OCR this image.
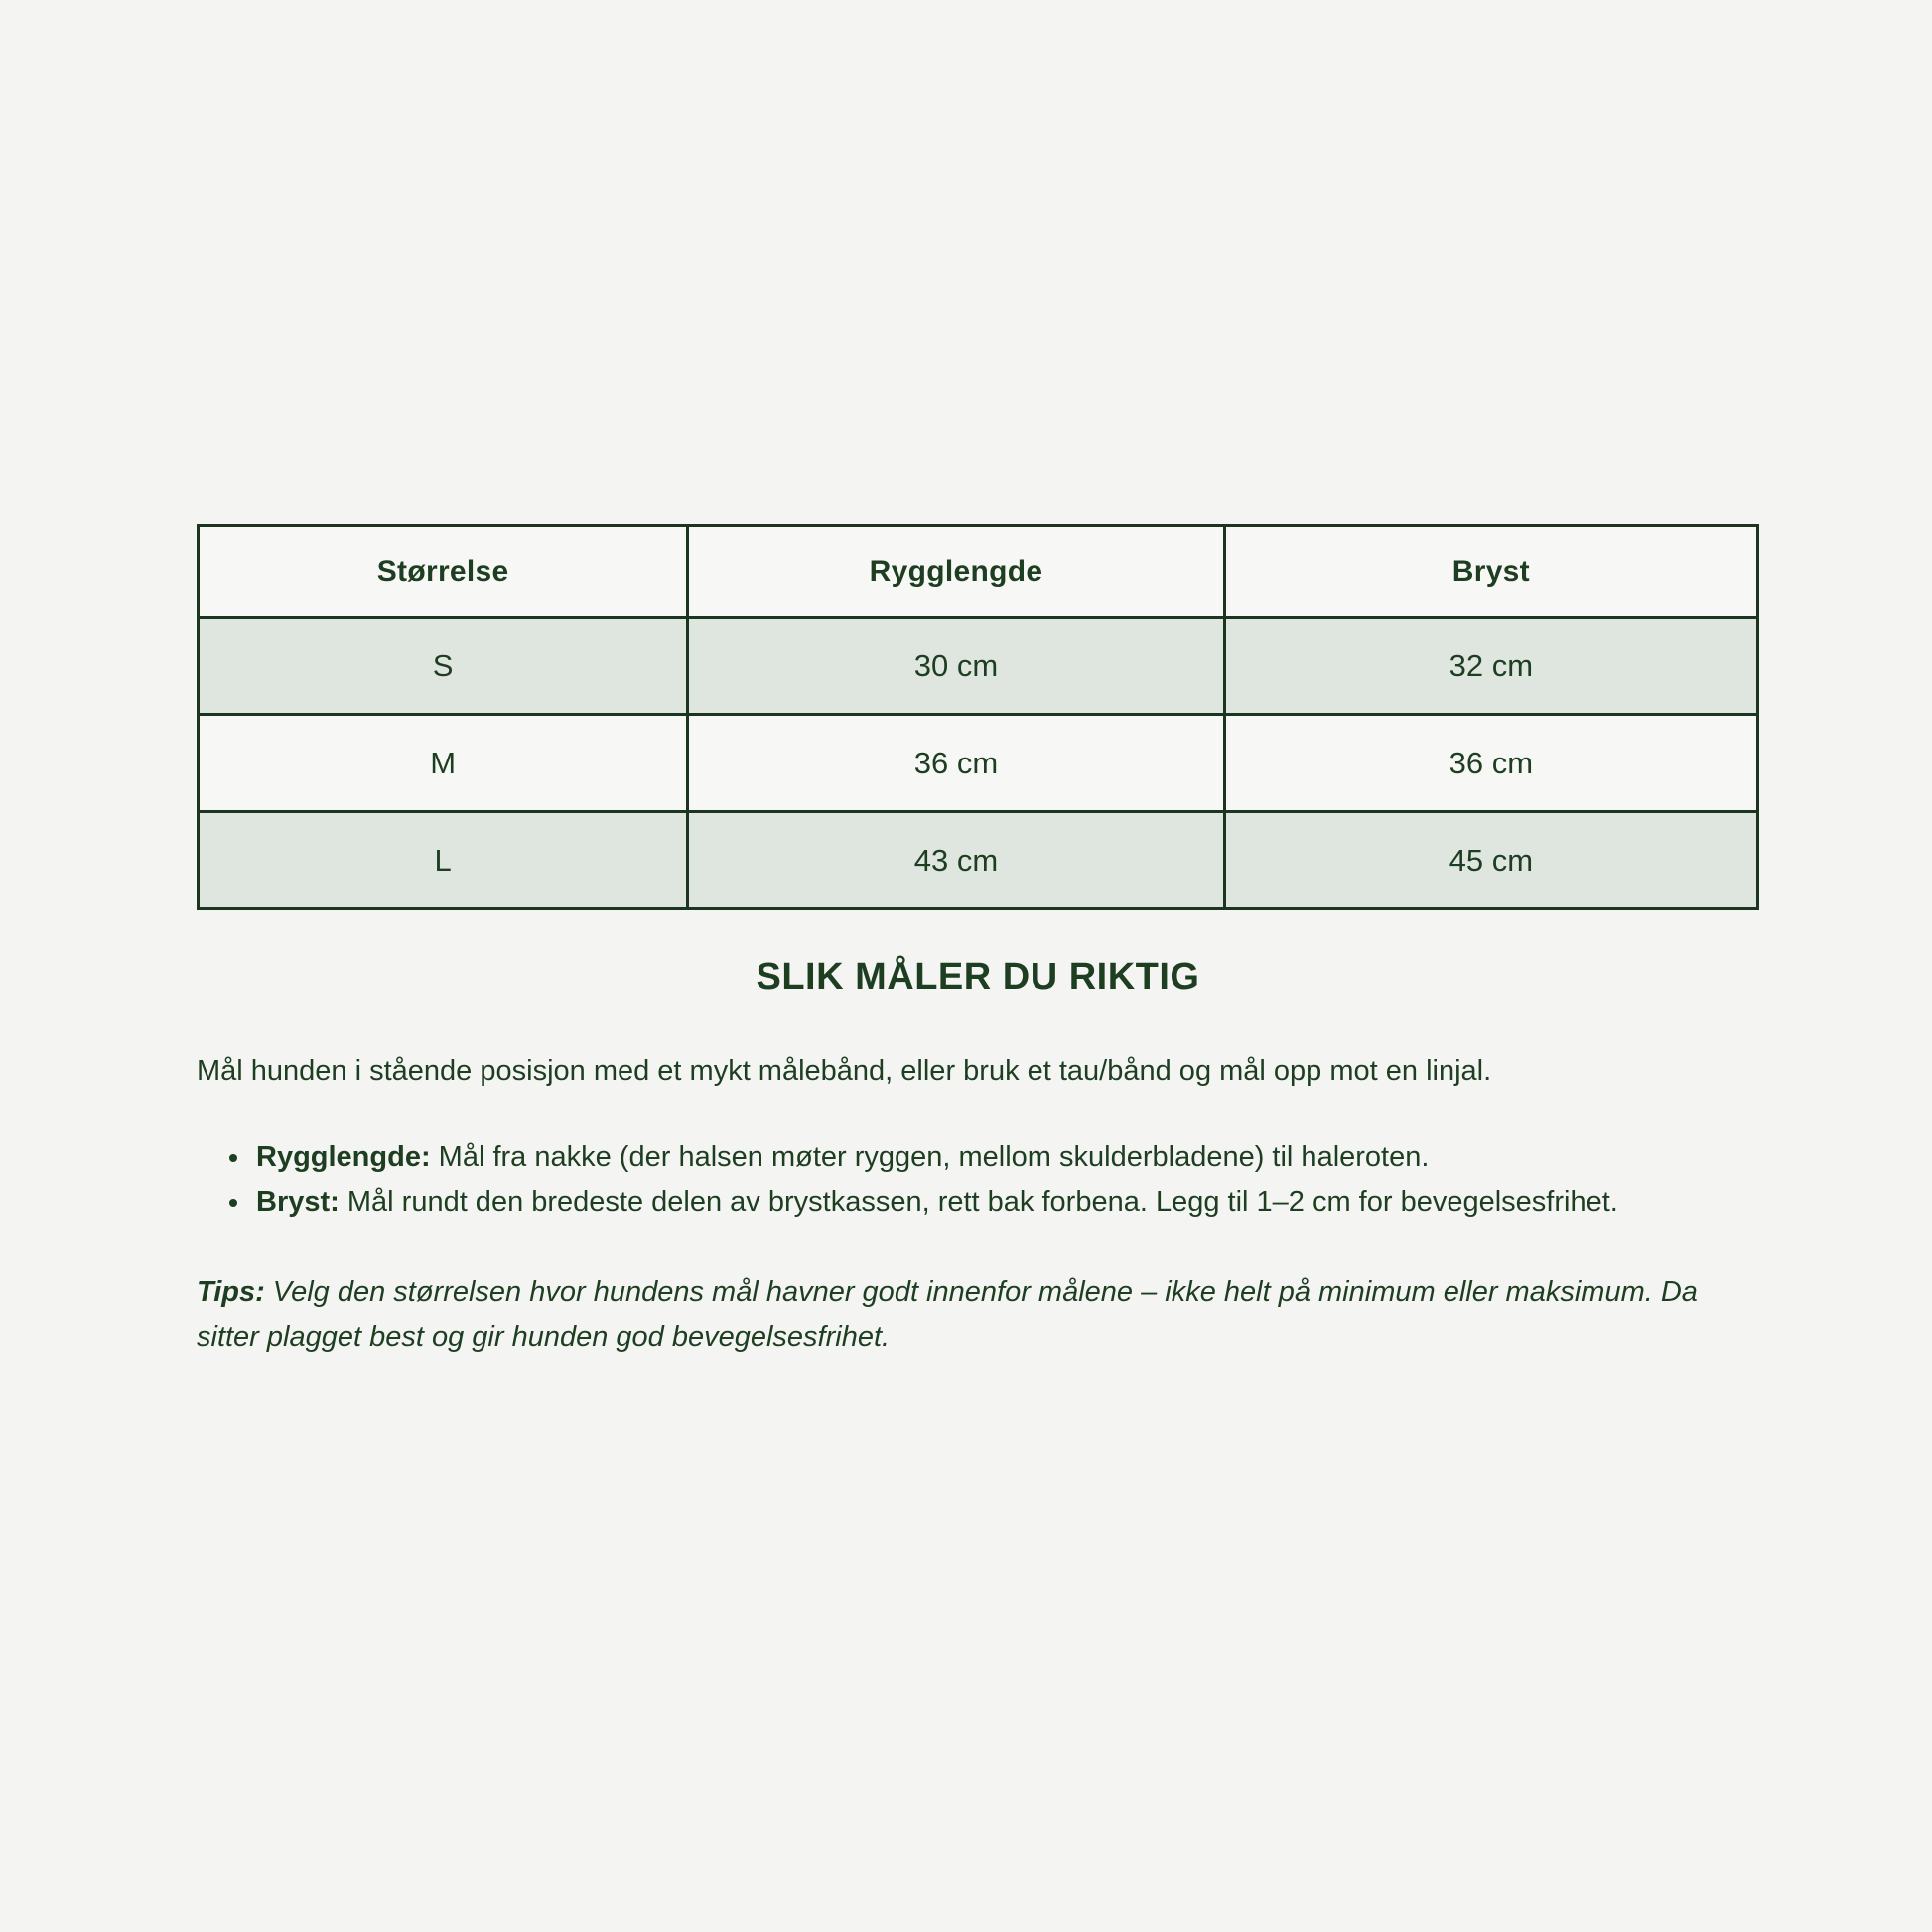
Størrelse	Rygglengde	Bryst
S	30 cm	32 cm
M	36 cm	36 cm
L	43 cm	45 cm
SLIK MÅLER DU RIKTIG

Mål hunden i stående posisjon med et mykt målebånd, eller bruk et tau/bånd og mål opp mot en linjal.

• Rygglengde: Mål fra nakke (der halsen møter ryggen, mellom skulderbladene) til haleroten.
• Bryst: Mål rundt den bredeste delen av brystkassen, rett bak forbena. Legg til 1–2 cm for bevegelsesfrihet.

Tips: Velg den størrelsen hvor hundens mål havner godt innenfor målene – ikke helt på minimum eller maksimum. Da sitter plagget best og gir hunden god bevegelsesfrihet.
